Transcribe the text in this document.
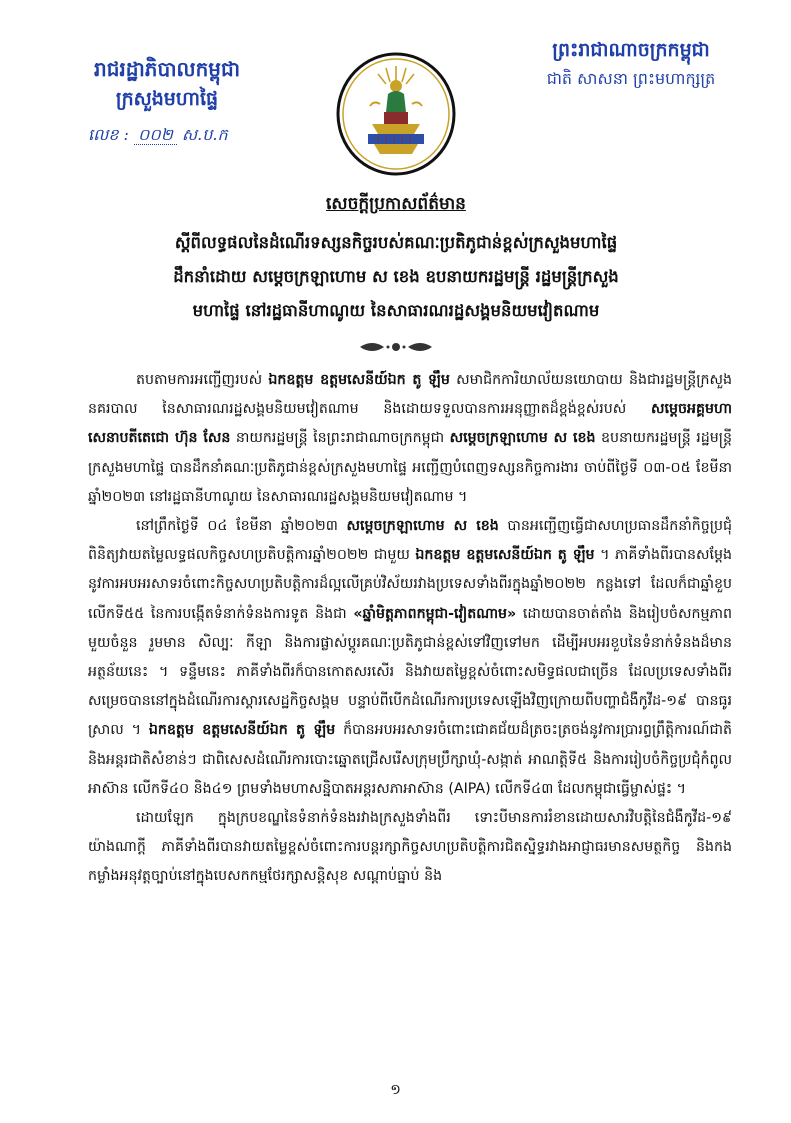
រាជរដ្ឋាភិបាលកម្ពុជា

ក្រសួងមហាផ្ទៃ

លេខ : ០០២ ស.ប.ក

ព្រះរាជាណាចក្រកម្ពុជា

ជាតិ សាសនា ព្រះមហាក្សត្រ

សេចក្តីប្រកាសព័ត៌មាន

ស្តីពីលទ្ធផលនៃដំណើរទស្សនកិច្ចរបស់គណៈប្រតិភូជាន់ខ្ពស់ក្រសួងមហាផ្ទៃ

ដឹកនាំដោយ សម្តេចក្រឡាហោម ស ខេង ឧបនាយករដ្ឋមន្ត្រី រដ្ឋមន្ត្រីក្រសួង

មហាផ្ទៃ នៅរដ្ឋធានីហាណូយ នៃសាធារណរដ្ឋសង្គមនិយមវៀតណាម

តបតាមការអញ្ជើញរបស់ ឯកឧត្តម ឧត្តមសេនីយ៍ឯក តូ ឡឹម សមាជិកការិយាល័យនយោបាយ និងជារដ្ឋមន្ត្រីក្រសួងនគរបាល នៃសាធារណរដ្ឋសង្គមនិយមវៀតណាម និងដោយទទួលបានការអនុញ្ញាតដ៏ខ្ពង់ខ្ពស់របស់ សម្តេចអគ្គមហាសេនាបតីតេជោ ហ៊ុន សែន នាយករដ្ឋមន្ត្រី នៃព្រះរាជាណាចក្រកម្ពុជា សម្តេចក្រឡាហោម ស ខេង ឧបនាយករដ្ឋមន្ត្រី រដ្ឋមន្ត្រីក្រសួងមហាផ្ទៃ បានដឹកនាំគណៈប្រតិភូជាន់ខ្ពស់ក្រសួងមហាផ្ទៃ អញ្ជើញបំពេញទស្សនកិច្ចការងារ ចាប់ពីថ្ងៃទី ០៣-០៥ ខែមីនា ឆ្នាំ២០២៣ នៅរដ្ឋធានីហាណូយ នៃសាធារណរដ្ឋសង្គមនិយមវៀតណាម ។

នៅព្រឹកថ្ងៃទី ០៤ ខែមីនា ឆ្នាំ២០២៣ សម្តេចក្រឡាហោម ស ខេង បានអញ្ជើញធ្វើជាសហប្រធានដឹកនាំកិច្ចប្រជុំពិនិត្យវាយតម្លៃលទ្ធផលកិច្ចសហប្រតិបត្តិការឆ្នាំ២០២២ ជាមួយ ឯកឧត្តម ឧត្តមសេនីយ៍ឯក តូ ឡឹម ។ ភាគីទាំងពីរបានសម្តែងនូវការអបអរសាទរចំពោះកិច្ចសហប្រតិបត្តិការដ៏ល្អលើគ្រប់វិស័យរវាងប្រទេសទាំងពីរក្នុងឆ្នាំ២០២២ កន្លងទៅ ដែលក៏ជាឆ្នាំខួបលើកទី៥៥ នៃការបង្កើតទំនាក់ទំនងការទូត និងជា «ឆ្នាំមិត្តភាពកម្ពុជា-វៀតណាម» ដោយបានចាត់តាំង និងរៀបចំសកម្មភាពមួយចំនួន រួមមាន សិល្បៈ កីឡា និងការផ្លាស់ប្តូរគណៈប្រតិភូជាន់ខ្ពស់ទៅវិញទៅមក ដើម្បីអបអរខួបនៃទំនាក់ទំនងដ៏មានអត្ថន័យនេះ ។ ទន្ទឹមនេះ ភាគីទាំងពីរក៏បានកោតសរសើរ និងវាយតម្លៃខ្ពស់ចំពោះសមិទ្ធផលជាច្រើន ដែលប្រទេសទាំងពីរសម្រេចបាននៅក្នុងដំណើរការស្តារសេដ្ឋកិច្ចសង្គម បន្ទាប់ពីបើកដំណើរការប្រទេសឡើងវិញក្រោយពីបញ្ហាជំងឺកូវីដ-១៩ បានធូរស្រាល ។ ឯកឧត្តម ឧត្តមសេនីយ៍ឯក តូ ឡឹម ក៏បានអបអរសាទរចំពោះជោគជ័យដ៏ត្រចះត្រចង់នូវការប្រារព្ធព្រឹត្តិការណ៍ជាតិ និងអន្តរជាតិសំខាន់ៗ ជាពិសេសដំណើរការបោះឆ្នោតជ្រើសរើសក្រុមប្រឹក្សាឃុំ-សង្កាត់ អាណត្តិទី៥ និងការរៀបចំកិច្ចប្រជុំកំពូលអាស៊ាន លើកទី៤០ និង៤១ ព្រមទាំងមហាសន្និបាតអន្តរសភាអាស៊ាន (AIPA) លើកទី៤៣ ដែលកម្ពុជាធ្វើម្ចាស់ផ្ទះ ។

ដោយឡែក ក្នុងក្របខណ្ឌនៃទំនាក់ទំនងរវាងក្រសួងទាំងពីរ ទោះបីមានការរំខានដោយសារវិបត្តិនៃជំងឺកូវីដ-១៩ យ៉ាងណាក្តី ភាគីទាំងពីរបានវាយតម្លៃខ្ពស់ចំពោះការបន្តរក្សាកិច្ចសហប្រតិបត្តិការជិតស្និទ្ធរវាងអាជ្ញាធរមានសមត្ថកិច្ច និងកងកម្លាំងអនុវត្តច្បាប់នៅក្នុងបេសកកម្មថែរក្សាសន្តិសុខ សណ្តាប់ធ្នាប់ និង

១
